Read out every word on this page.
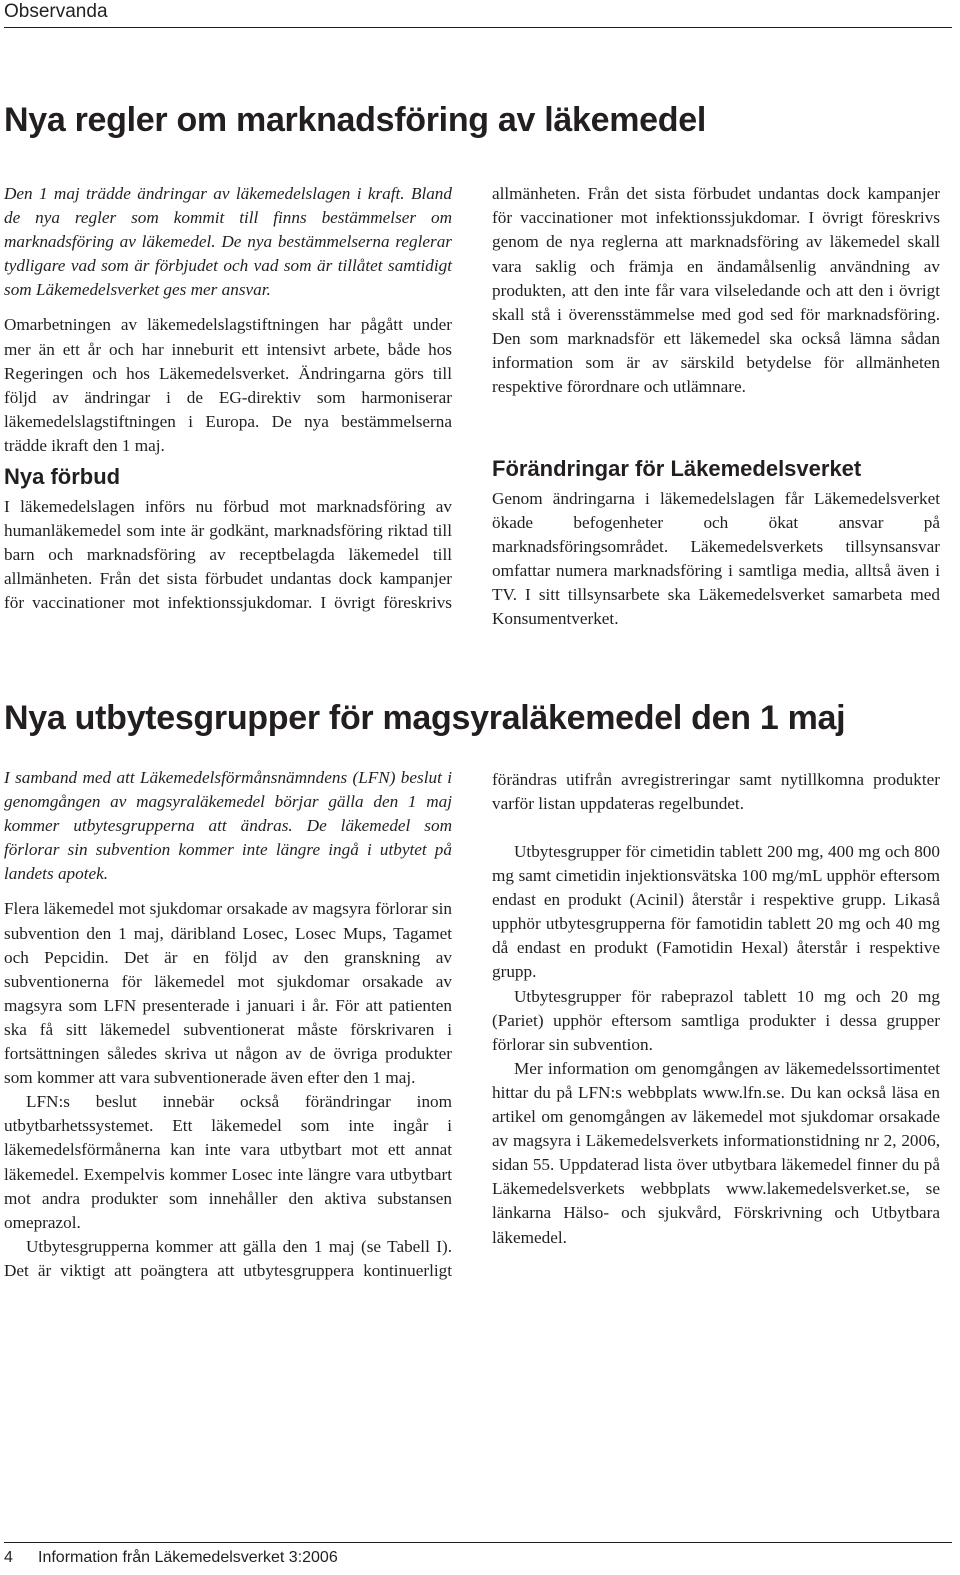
Observanda
Nya regler om marknadsföring av läkemedel

Den 1 maj trädde ändringar av läkemedelslagen i kraft. Bland de nya regler som kommit till finns bestämmelser om marknadsföring av läkemedel. De nya bestämmelserna reglerar tydligare vad som är förbjudet och vad som är tillåtet samtidigt som Läkemedelsverket ges mer ansvar.

Omarbetningen av läkemedelslagstiftningen har pågått under mer än ett år och har inneburit ett intensivt arbete, både hos Regeringen och hos Läkemedelsverket. Ändringarna görs till följd av ändringar i de EG-direktiv som harmoniserar läkemedelslagstiftningen i Europa. De nya bestämmelserna trädde ikraft den 1 maj.

Nya förbud

I läkemedelslagen införs nu förbud mot marknadsföring av humanläkemedel som inte är godkänt, marknadsföring riktad till barn och marknadsföring av receptbelagda läkemedel till allmänheten. Från det sista förbudet undantas dock kampanjer för vaccinationer mot infektionssjukdomar. I övrigt föreskrivs

allmänheten. Från det sista förbudet undantas dock kampanjer för vaccinationer mot infektionssjukdomar. I övrigt föreskrivs genom de nya reglerna att marknadsföring av läkemedel skall vara saklig och främja en ändamålsenlig användning av produkten, att den inte får vara vilseledande och att den i övrigt skall stå i överensstämmelse med god sed för marknadsföring. Den som marknadsför ett läkemedel ska också lämna sådan information som är av särskild betydelse för allmänheten respektive förordnare och utlämnare.

Förändringar för Läkemedelsverket

Genom ändringarna i läkemedelslagen får Läkemedelsverket ökade befogenheter och ökat ansvar på marknadsföringsområdet. Läkemedelsverkets tillsynsansvar omfattar numera marknadsföring i samtliga media, alltså även i TV. I sitt tillsynsarbete ska Läkemedelsverket samarbeta med Konsumentverket.

Nya utbytesgrupper för magsyraläkemedel den 1 maj

I samband med att Läkemedelsförmånsnämndens (LFN) beslut i genomgången av magsyraläkemedel börjar gälla den 1 maj kommer utbytesgrupperna att ändras. De läkemedel som förlorar sin subvention kommer inte längre ingå i utbytet på landets apotek.

Flera läkemedel mot sjukdomar orsakade av magsyra förlorar sin subvention den 1 maj, däribland Losec, Losec Mups, Tagamet och Pepcidin. Det är en följd av den granskning av subventionerna för läkemedel mot sjukdomar orsakade av magsyra som LFN presenterade i januari i år. För att patienten ska få sitt läkemedel subventionerat måste förskrivaren i fortsättningen således skriva ut någon av de övriga produkter som kommer att vara subventionerade även efter den 1 maj.

LFN:s beslut innebär också förändringar inom utbytbarhetssystemet. Ett läkemedel som inte ingår i läkemedelsförmånerna kan inte vara utbytbart mot ett annat läkemedel. Exempelvis kommer Losec inte längre vara utbytbart mot andra produkter som innehåller den aktiva substansen omeprazol.

Utbytesgrupperna kommer att gälla den 1 maj (se Tabell I). Det är viktigt att poängtera att utbytesgruppera kontinuerligt

förändras utifrån avregistreringar samt nytillkomna produkter varför listan uppdateras regelbundet.

Utbytesgrupper för cimetidin tablett 200 mg, 400 mg och 800 mg samt cimetidin injektionsvätska 100 mg/mL upphör eftersom endast en produkt (Acinil) återstår i respektive grupp. Likaså upphör utbytesgrupperna för famotidin tablett 20 mg och 40 mg då endast en produkt (Famotidin Hexal) återstår i respektive grupp.

Utbytesgrupper för rabeprazol tablett 10 mg och 20 mg (Pariet) upphör eftersom samtliga produkter i dessa grupper förlorar sin subvention.

Mer information om genomgången av läkemedelssortimentet hittar du på LFN:s webbplats www.lfn.se. Du kan också läsa en artikel om genomgången av läkemedel mot sjukdomar orsakade av magsyra i Läkemedelsverkets informationstidning nr 2, 2006, sidan 55. Uppdaterad lista över utbytbara läkemedel finner du på Läkemedelsverkets webbplats www.lakemedelsverket.se, se länkarna Hälso- och sjukvård, Förskrivning och Utbytbara läkemedel.

4 Information från Läkemedelsverket 3:2006
